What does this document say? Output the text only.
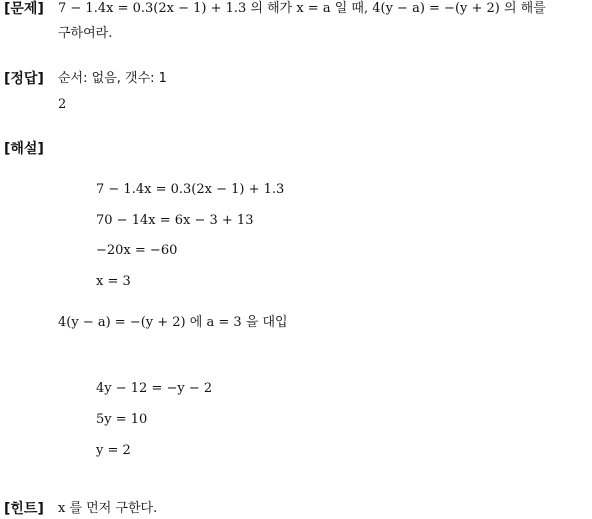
[문제] 7 − 1.4x = 0.3(2x − 1) + 1.3 의 해가 x = a 일 때, 4(y − a) = −(y + 2) 의 해를
구하여라.
[정답] 순서: 없음, 갯수: 1
2
[해설]
7 − 1.4x = 0.3(2x − 1) + 1.3
70 − 14x = 6x − 3 + 13
−20x = −60
x = 3
4(y − a) = −(y + 2) 에 a = 3 을 대입
4y − 12 = −y − 2
5y = 10
y = 2
[힌트] x 를 먼저 구한다.
